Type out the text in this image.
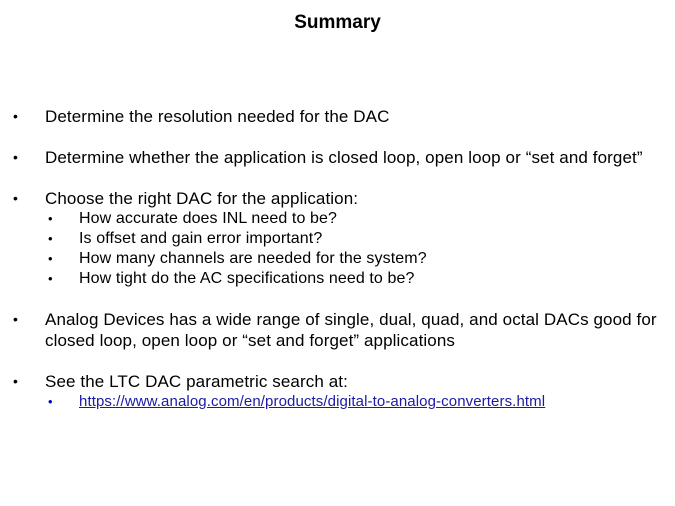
Summary
• Determine the resolution needed for the DAC
• Determine whether the application is closed loop, open loop or “set and forget”
• Choose the right DAC for the application:
• How accurate does INL need to be?
• Is offset and gain error important?
• How many channels are needed for the system?
• How tight do the AC specifications need to be?
• Analog Devices has a wide range of single, dual, quad, and octal DACs good for closed loop, open loop or “set and forget” applications
• See the LTC DAC parametric search at:
• https://www.analog.com/en/products/digital-to-analog-converters.html
